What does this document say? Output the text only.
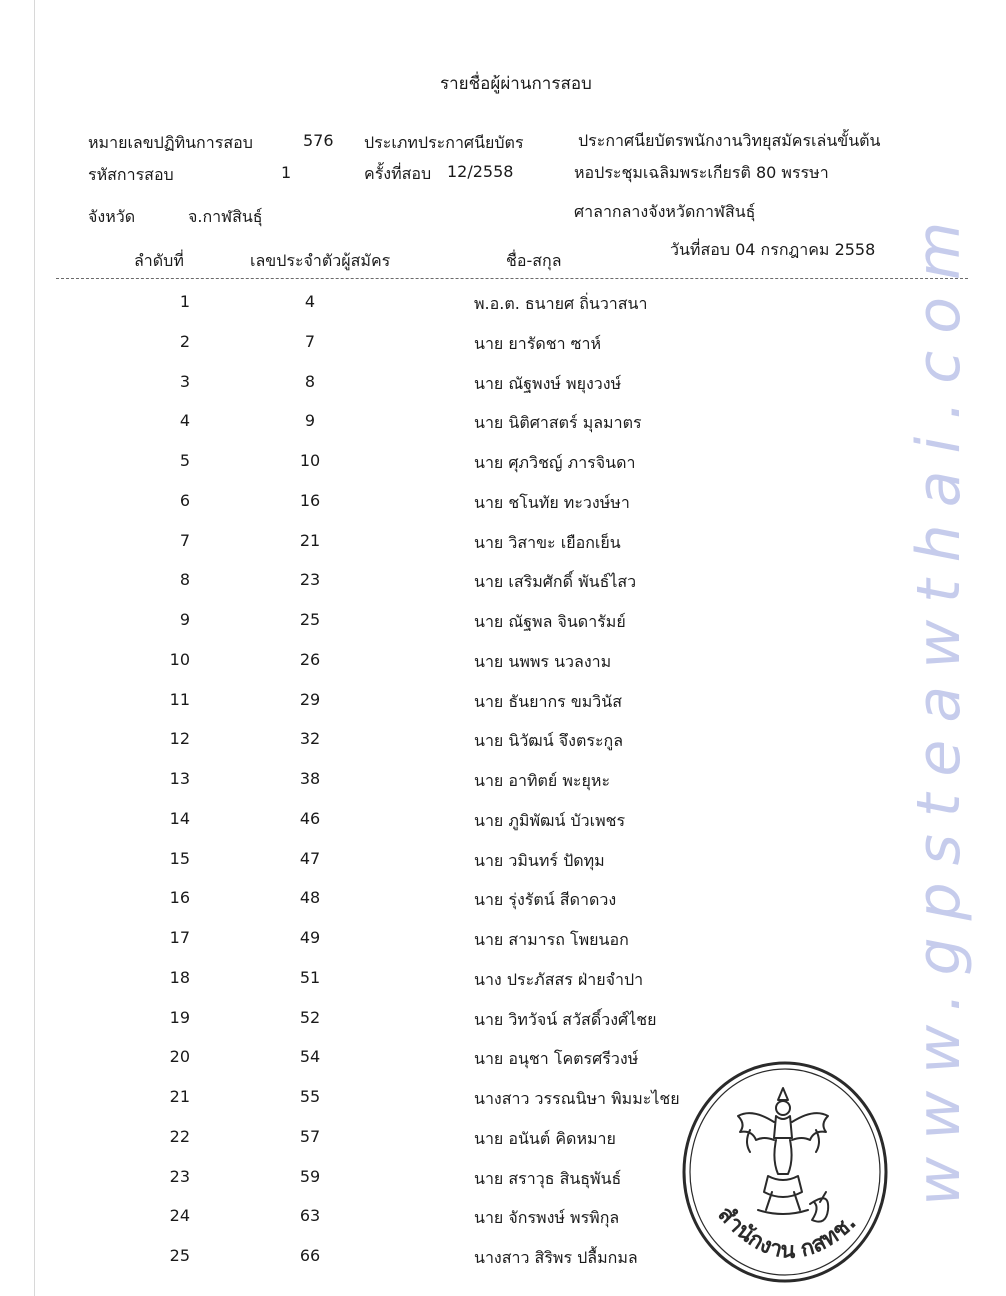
รายชื่อผู้ผ่านการสอบ
หมายเลขปฏิทินการสอบ	576 ประเภทประกาศนียบัตร	ประกาศนียบัตรพนักงานวิทยุสมัครเล่นขั้นต้น
รหัสการสอบ	1	ครั้งที่สอบ 12/2558	หอประชุมเฉลิมพระเกียรติ 80 พรรษา
จังหวัด	จ.กาฬสินธุ์	ศาลากลางจังหวัดกาฬสินธุ์
ลำดับที่	เลขประจำตัวผู้สมัคร	ชื่อ-สกุล
วันที่สอบ 04 กรกฎาคม 2558
1	4	พ.อ.ต. ธนายศ ถิ่นวาสนา
2	7	นาย ยารัดชา ซาห์
3	8	นาย ณัฐพงษ์ พยุงวงษ์
4	9	นาย นิติศาสตร์ มุลมาตร
5	10	นาย ศุภวิชญ์ ภารจินดา
6	16	นาย ชโนทัย ทะวงษ์ษา
7	21	นาย วิสาขะ เยือกเย็น
8	23	นาย เสริมศักดิ์ พันธ์ไสว
9	25	นาย ณัฐพล จินดารัมย์
10	26	นาย นพพร นวลงาม
11	29	นาย ธันยากร ขมวินัส
12	32	นาย นิวัฒน์ จึงตระกูล
13	38	นาย อาทิตย์ พะยุหะ
14	46	นาย ภูมิพัฒน์ บัวเพชร
15	47	นาย วมินทร์ ปัดทุม
16	48	นาย รุ่งรัตน์ สีดาดวง
17	49	นาย สามารถ โพยนอก
18	51	นาง ประภัสสร ฝ่ายจำปา
19	52	นาย วิทวัจน์ สวัสดิ์วงศ์ไชย
20	54	นาย อนุชา โคตรศรีวงษ์
21	55	นางสาว วรรณนิษา พิมมะไชย
22	57	นาย อนันต์ คิดหมาย
23	59	นาย สราวุธ สินธุพันธ์
24	63	นาย จักรพงษ์ พรพิกุล
25	66	นางสาว สิริพร ปลื้มกมล
www.gpsteawthai.com
สำนักงาน กสทช.
